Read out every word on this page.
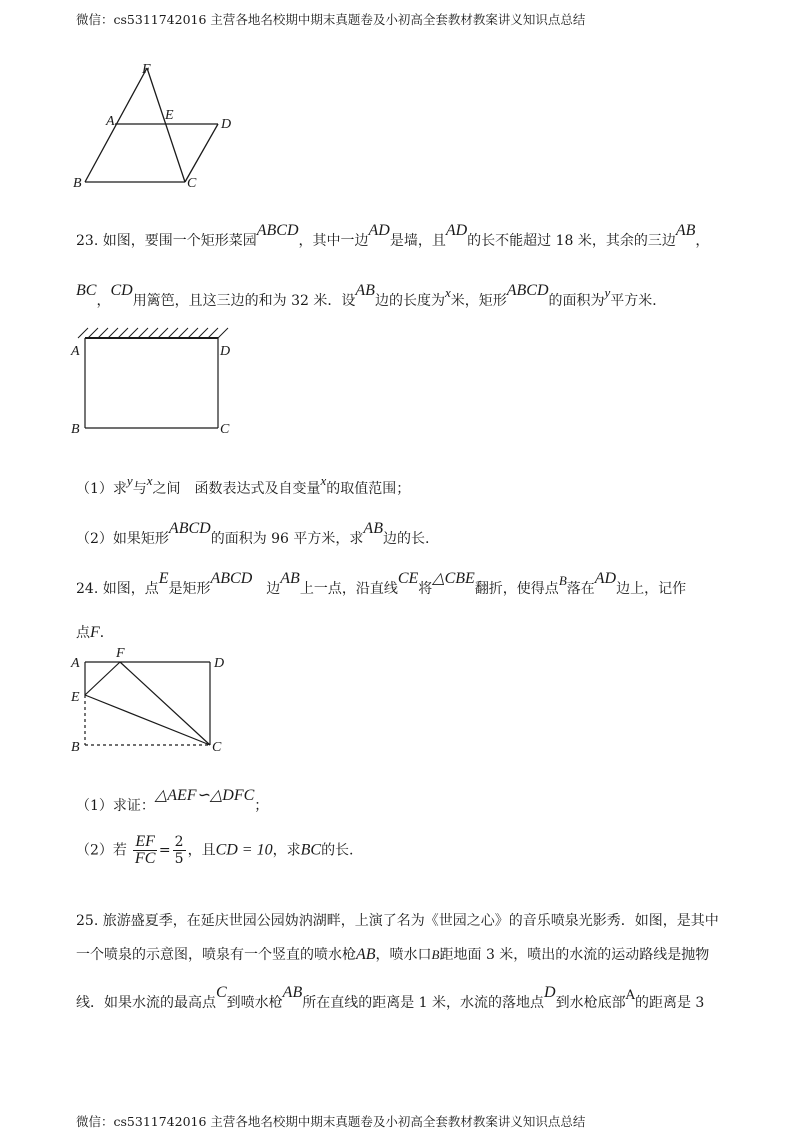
微信：cs5311742016 主营各地名校期中期末真题卷及小初高全套教材教案讲义知识点总结
F
A	E
D
B	C
23. 如图，要围一个矩形菜园ABCD，其中一边AD是墙，且AD的长不能超过 18 米，其余的三边AB，
BC，CD用篱笆，且这三边的和为 32 米．设AB边的长度为x米，矩形ABCD的面积为y平方米．
A	D
B	C
（1）求y与x之间　函数表达式及自变量x的取值范围；
（2）如果矩形ABCD的面积为 96 平方米，求AB边的长.
24. 如图，点E是矩形ABCD　边AB上一点，沿直线CE将△CBE翻折，使得点B落在AD边上，记作
点F．
A
F
D
E
B	C
（1）求证：△AEF∽△DFC；
（2）若 $\frac{EF}{FC} = \frac{2}{5}$ ，且CD = 10，求BC的长.
25. 旅游盛夏季，在延庆世园公园妫汭湖畔，上演了名为《世园之心》的音乐喷泉光影秀．如图，是其中
一个喷泉的示意图，喷泉有一个竖直的喷水枪AB，喷水口B距地面 3 米，喷出的水流的运动路线是抛物
线．如果水流的最高点C到喷水枪AB所在直线的距离是 1 米，水流的落地点D到水枪底部A的距离是 3
微信：cs5311742016 主营各地名校期中期末真题卷及小初高全套教材教案讲义知识点总结
